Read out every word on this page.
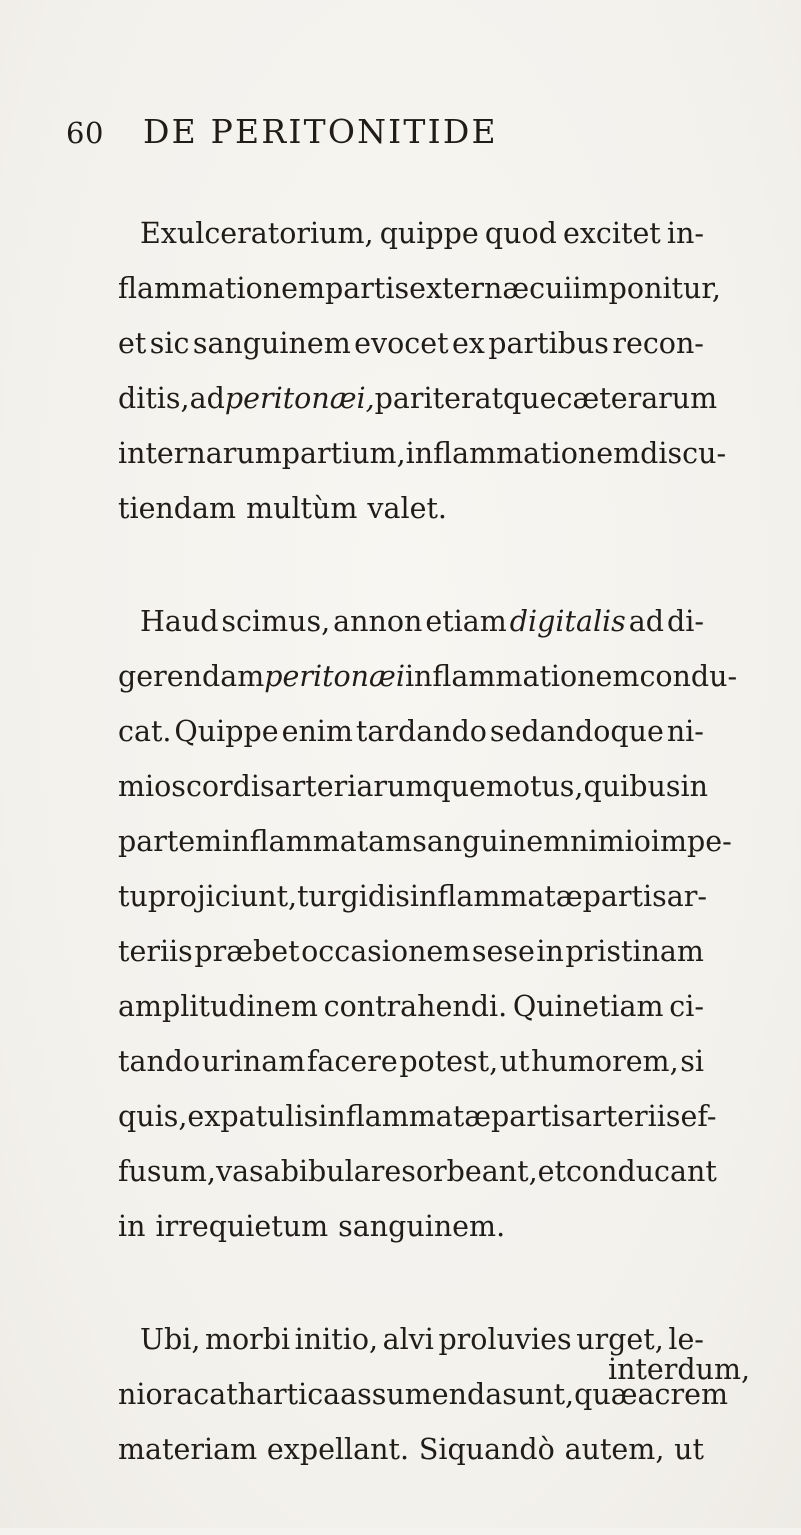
60 DE PERITONITIDE
Exulceratorium, quippe quod excitet in-
flammationem partis externæ cui imponitur,
et sic sanguinem evocet ex partibus recon-
ditis, ad peritonæi, pariter atque cæterarum
internarum partium, inflammationem discu-
tiendam multùm valet.
Haud scimus, annon etiam digitalis ad di-
gerendam peritonæi inflammationem condu-
cat. Quippe enim tardando sedandoque ni-
mios cordis arteriarumque motus, quibus in
partem inflammatam sanguinem nimio impe-
tu projiciunt, turgidis inflammatæ partis ar-
teriis præbet occasionem sese in pristinam
amplitudinem contrahendi. Quinetiam ci-
tando urinam facere potest, ut humorem, si
quis, ex patulis inflammatæ partis arteriis ef-
fusum, vasa bibula resorbeant, et conducant
in irrequietum sanguinem.
Ubi, morbi initio, alvi proluvies urget, le-
niora cathartica assumenda sunt, quæ acrem
materiam expellant. Siquandò autem, ut
interdum,
